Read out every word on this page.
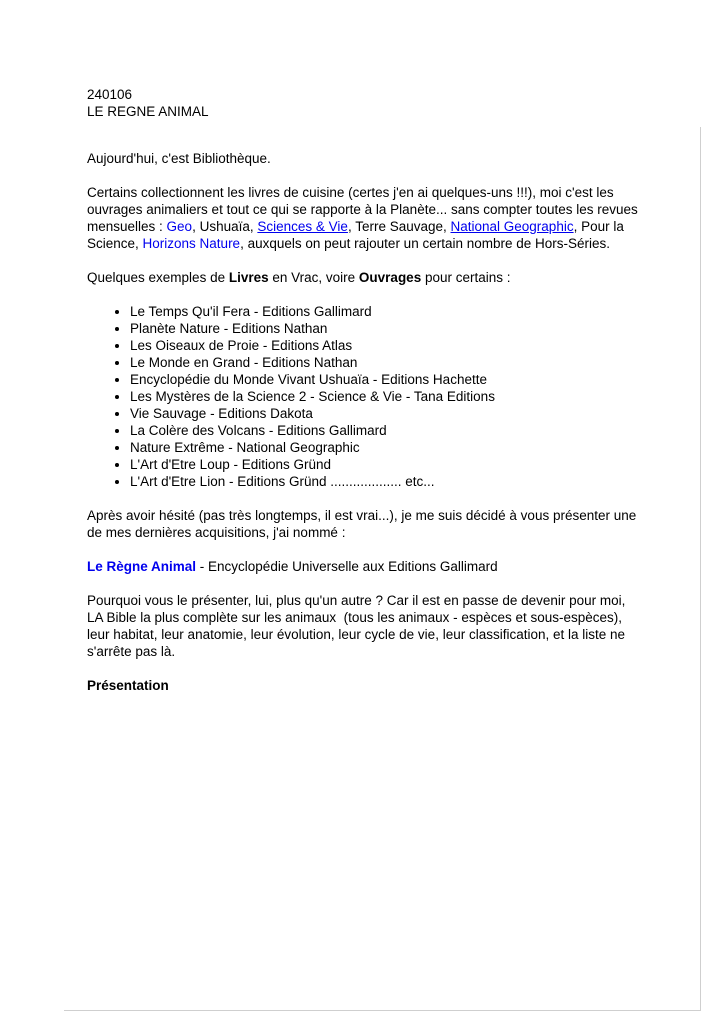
240106

LE REGNE ANIMAL

Aujourd'hui, c'est Bibliothèque.

Certains collectionnent les livres de cuisine (certes j'en ai quelques-uns !!!), moi c'est les ouvrages animaliers et tout ce qui se rapporte à la Planète... sans compter toutes les revues mensuelles : Geo, Ushuaïa, Sciences & Vie, Terre Sauvage, National Geographic, Pour la Science, Horizons Nature, auxquels on peut rajouter un certain nombre de Hors-Séries.

Quelques exemples de Livres en Vrac, voire Ouvrages pour certains :

• Le Temps Qu'il Fera - Editions Gallimard
• Planète Nature - Editions Nathan
• Les Oiseaux de Proie - Editions Atlas
• Le Monde en Grand - Editions Nathan
• Encyclopédie du Monde Vivant Ushuaïa - Editions Hachette
• Les Mystères de la Science 2 - Science & Vie - Tana Editions
• Vie Sauvage - Editions Dakota
• La Colère des Volcans - Editions Gallimard
• Nature Extrême - National Geographic
• L'Art d'Etre Loup - Editions Gründ
• L'Art d'Etre Lion - Editions Gründ ................... etc...

Après avoir hésité (pas très longtemps, il est vrai...), je me suis décidé à vous présenter une de mes dernières acquisitions, j'ai nommé :

Le Règne Animal - Encyclopédie Universelle aux Editions Gallimard

Pourquoi vous le présenter, lui, plus qu'un autre ? Car il est en passe de devenir pour moi, LA Bible la plus complète sur les animaux  (tous les animaux - espèces et sous-espèces), leur habitat, leur anatomie, leur évolution, leur cycle de vie, leur classification, et la liste ne s'arrête pas là.

Présentation
